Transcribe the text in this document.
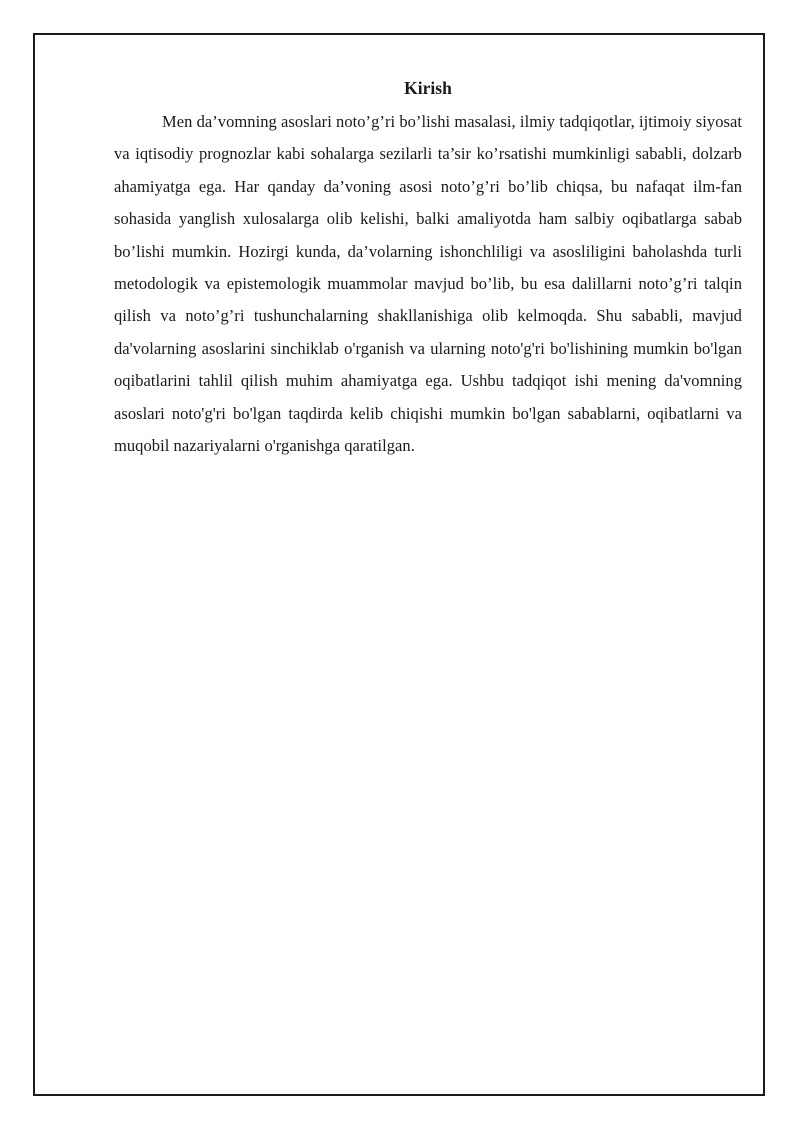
Kirish

Men da’vomning asoslari noto’g’ri bo’lishi masalasi, ilmiy tadqiqotlar, ijtimoiy siyosat va iqtisodiy prognozlar kabi sohalarga sezilarli ta’sir ko’rsatishi mumkinligi sababli, dolzarb ahamiyatga ega. Har qanday da’voning asosi noto’g’ri bo’lib chiqsa, bu nafaqat ilm-fan sohasida yanglish xulosalarga olib kelishi, balki amaliyotda ham salbiy oqibatlarga sabab bo’lishi mumkin. Hozirgi kunda, da’volarning ishonchliligi va asosliligini baholashda turli metodologik va epistemologik muammolar mavjud bo’lib, bu esa dalillarni noto’g’ri talqin qilish va noto’g’ri tushunchalarning shakllanishiga olib kelmoqda. Shu sababli, mavjud da'volarning asoslarini sinchiklab o'rganish va ularning noto'g'ri bo'lishining mumkin bo'lgan oqibatlarini tahlil qilish muhim ahamiyatga ega. Ushbu tadqiqot ishi mening da'vomning asoslari noto'g'ri bo'lgan taqdirda kelib chiqishi mumkin bo'lgan sabablarni, oqibatlarni va muqobil nazariyalarni o'rganishga qaratilgan.
